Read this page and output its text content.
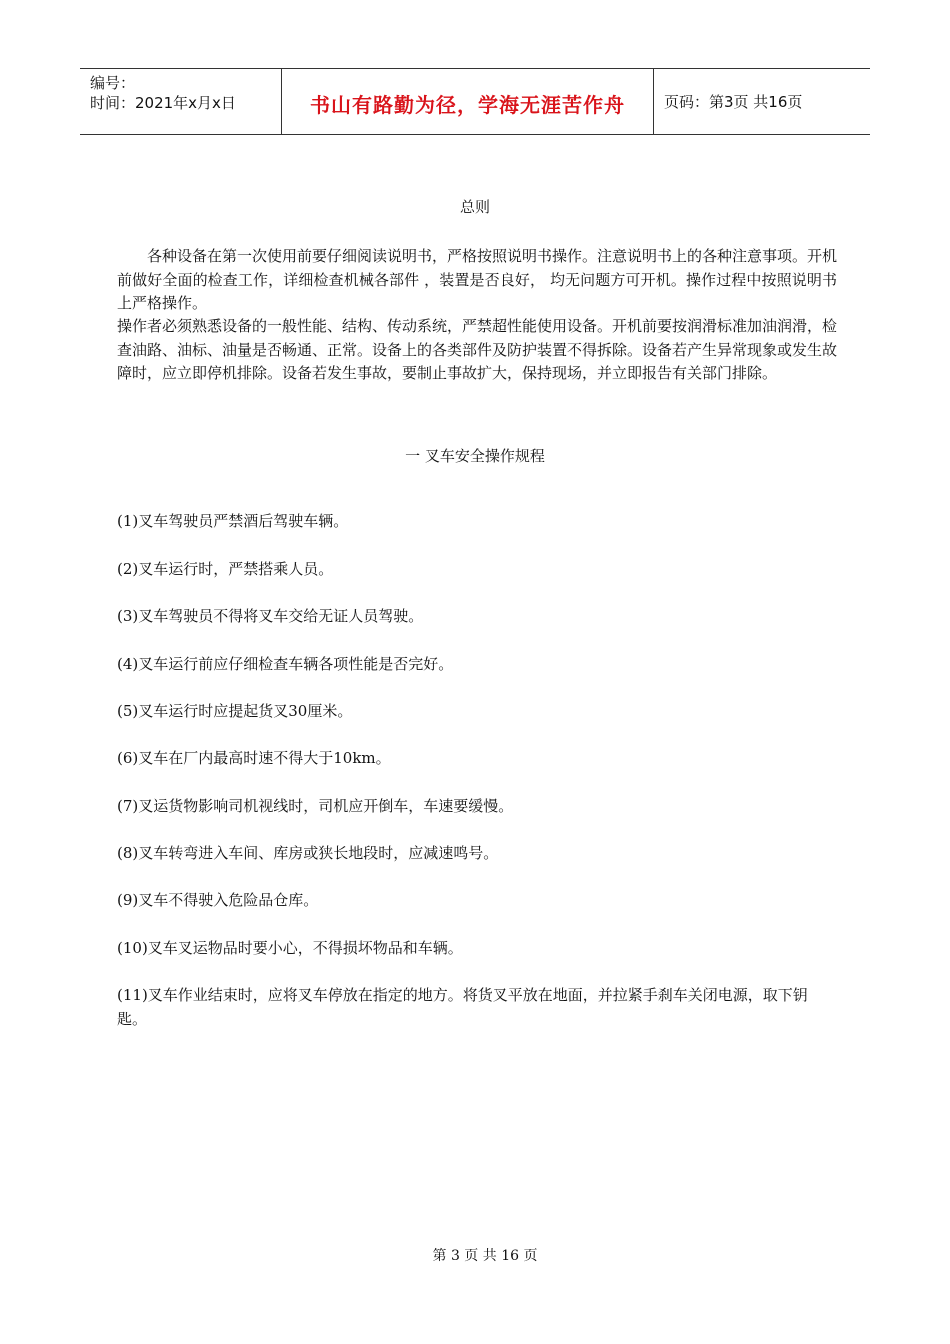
编号：
时间：2021年x月x日	书山有路勤为径，学海无涯苦作舟	页码：第3页 共16页
总则

各种设备在第一次使用前要仔细阅读说明书，严格按照说明书操作。注意说明书上的各种注意事项。开机前做好全面的检查工作，详细检查机械各部件 ，装置是否良好， 均无问题方可开机。操作过程中按照说明书上严格操作。

操作者必须熟悉设备的一般性能、结构、传动系统，严禁超性能使用设备。开机前要按润滑标准加油润滑，检查油路、油标、油量是否畅通、正常。设备上的各类部件及防护装置不得拆除。设备若产生异常现象或发生故障时，应立即停机排除。设备若发生事故，要制止事故扩大，保持现场，并立即报告有关部门排除。

一 叉车安全操作规程

(1)叉车驾驶员严禁酒后驾驶车辆。

(2)叉车运行时，严禁搭乘人员。

(3)叉车驾驶员不得将叉车交给无证人员驾驶。

(4)叉车运行前应仔细检查车辆各项性能是否完好。

(5)叉车运行时应提起货叉30厘米。

(6)叉车在厂内最高时速不得大于10km。

(7)叉运货物影响司机视线时，司机应开倒车，车速要缓慢。

(8)叉车转弯进入车间、库房或狭长地段时，应减速鸣号。

(9)叉车不得驶入危险品仓库。

(10)叉车叉运物品时要小心，不得损坏物品和车辆。

(11)叉车作业结束时，应将叉车停放在指定的地方。将货叉平放在地面，并拉紧手刹车关闭电源，取下钥匙。

第 3 页 共 16 页
